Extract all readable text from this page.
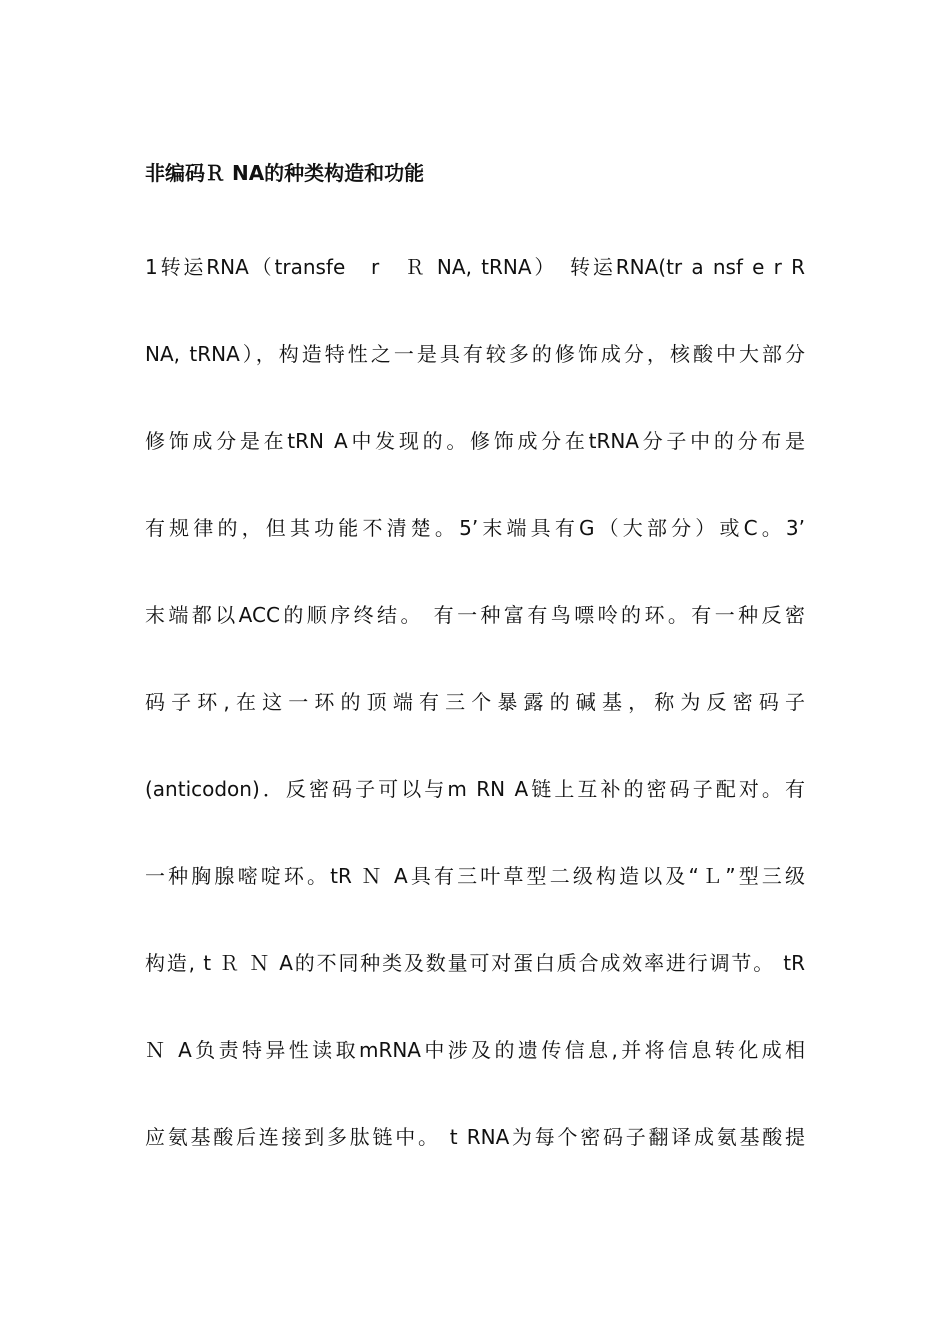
非编码Ｒ NA的种类构造和功能
1转运RNA（transfe　r　Ｒ NA, tRNA）　转运RNA(tr a nsf e r R
NA, tRNA），构造特性之一是具有较多的修饰成分，核酸中大部分
修饰成分是在tRN A中发现的。修饰成分在tRNA分子中的分布是
有规律的，但其功能不清楚。5’末端具有G（大部分）或C。3’
末端都以ACC的顺序终结。 有一种富有鸟嘌呤的环。有一种反密
码子环,在这一环的顶端有三个暴露的碱基，称为反密码子
(anticodon)．反密码子可以与m RN A链上互补的密码子配对。有
一种胸腺嘧啶环。tR Ｎ A具有三叶草型二级构造以及“Ｌ”型三级
构造, t Ｒ Ｎ A的不同种类及数量可对蛋白质合成效率进行调节。 tR
Ｎ A负责特异性读取mRNA中涉及的遗传信息,并将信息转化成相
应氨基酸后连接到多肽链中。 t RNA为每个密码子翻译成氨基酸提
